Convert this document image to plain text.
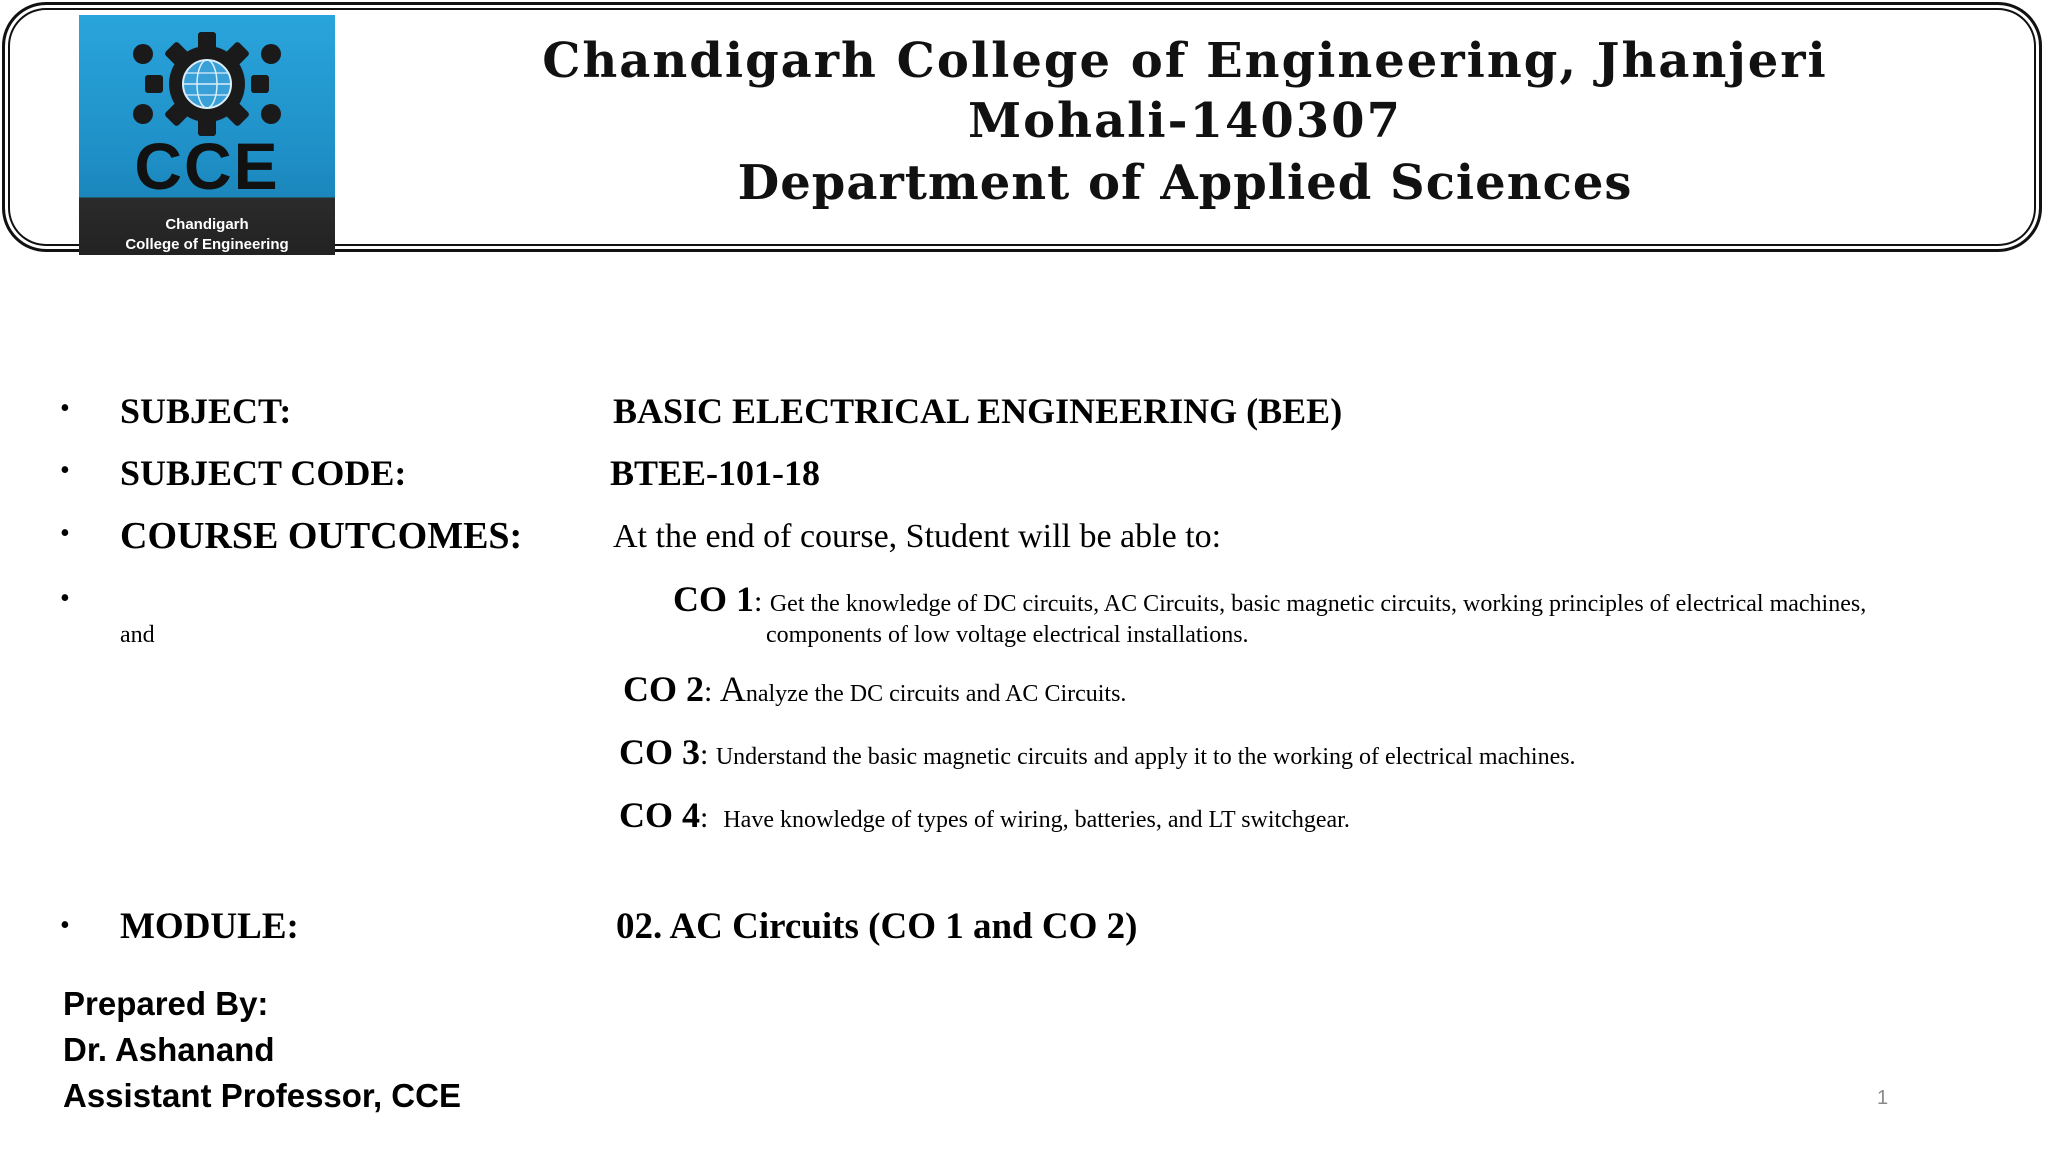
CCE
Chandigarh
College of Engineering
Chandigarh College of Engineering, Jhanjeri
Mohali-140307
Department of Applied Sciences
• SUBJECT:	BASIC ELECTRICAL ENGINEERING (BEE)
• SUBJECT CODE:	BTEE-101-18
• COURSE OUTCOMES:	At the end of course, Student will be able to:
•	CO 1: Get the knowledge of DC circuits, AC Circuits, basic magnetic circuits, working principles of electrical machines,
and	components of low voltage electrical installations.
CO 2: Analyze the DC circuits and AC Circuits.
CO 3: Understand the basic magnetic circuits and apply it to the working of electrical machines.
CO 4:  Have knowledge of types of wiring, batteries, and LT switchgear.
• MODULE:	02. AC Circuits (CO 1 and CO 2)
Prepared By:
Dr. Ashanand
Assistant Professor, CCE	1
